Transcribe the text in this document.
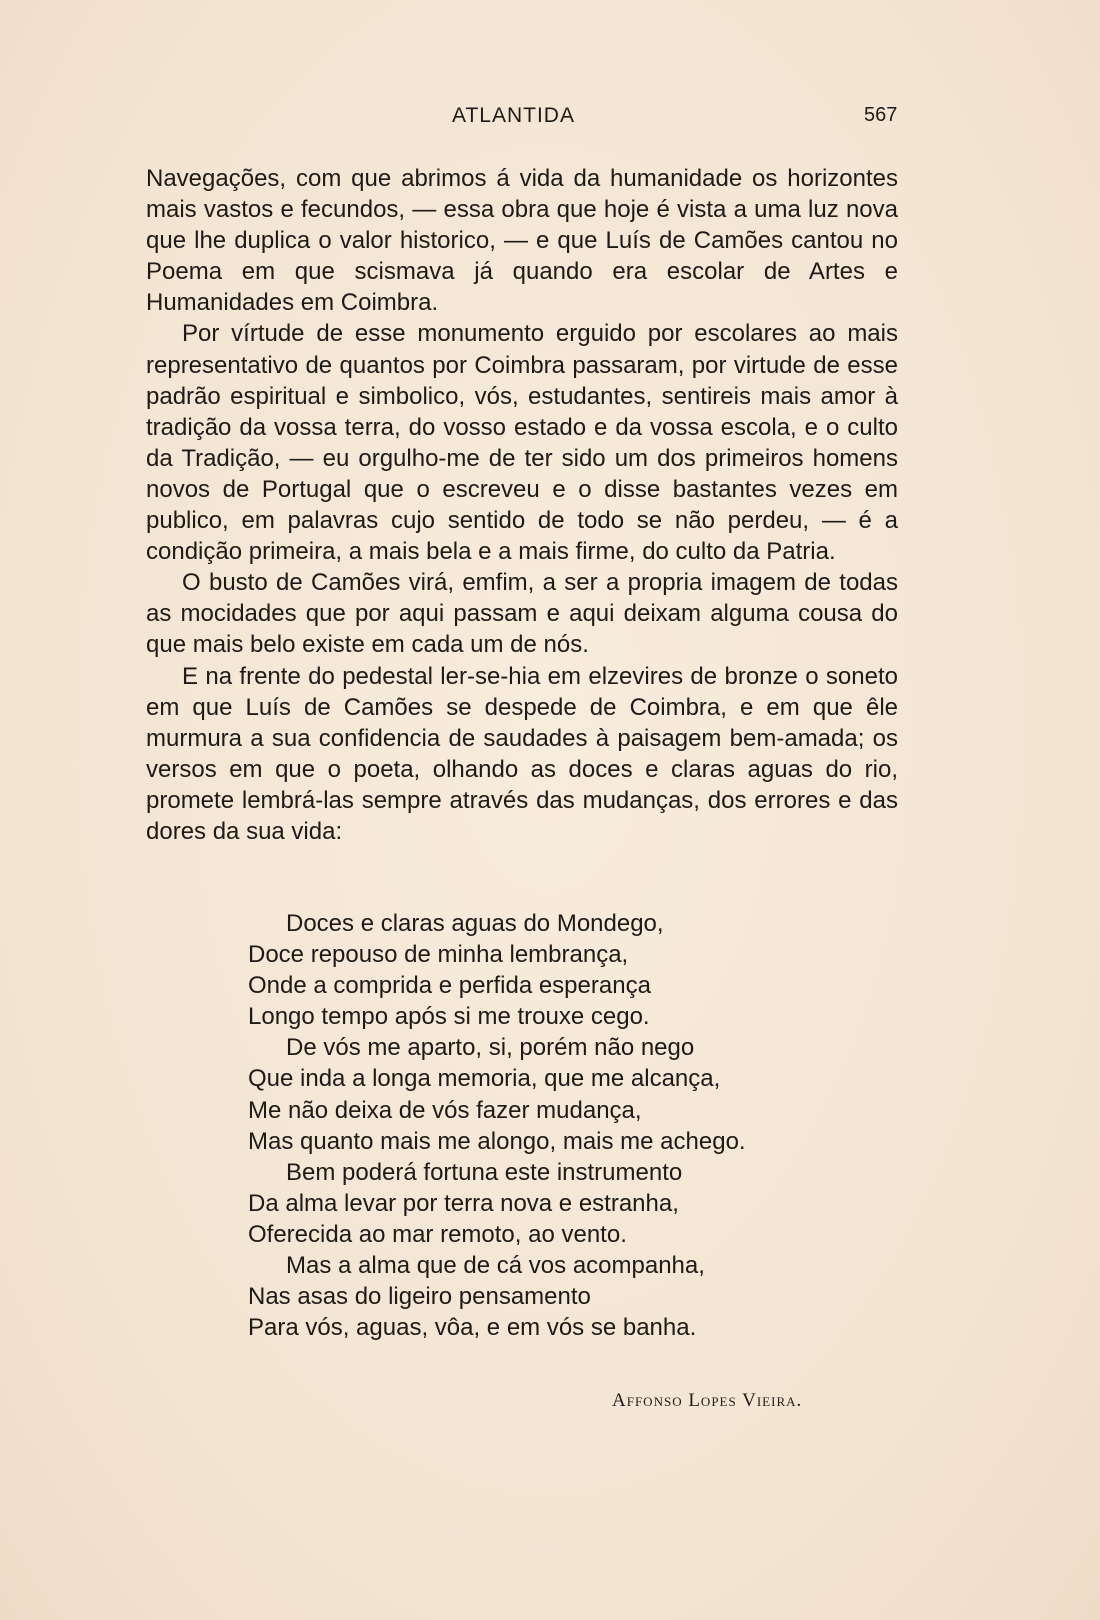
ATLANTIDA	567

Navegações, com que abrimos á vida da humanidade os horizontes mais vastos e fecundos, — essa obra que hoje é vista a uma luz nova que lhe duplica o valor historico, — e que Luís de Camões cantou no Poema em que scismava já quando era escolar de Artes e Humanidades em Coimbra.

Por vírtude de esse monumento erguido por escolares ao mais representativo de quantos por Coimbra passaram, por virtude de esse padrão espiritual e simbolico, vós, estudantes, sentireis mais amor à tradição da vossa terra, do vosso estado e da vossa escola, e o culto da Tradição, — eu orgulho-me de ter sido um dos primeiros homens novos de Portugal que o escreveu e o disse bastantes vezes em publico, em palavras cujo sentido de todo se não perdeu, — é a condição primeira, a mais bela e a mais firme, do culto da Patria.

O busto de Camões virá, emfim, a ser a propria imagem de todas as mocidades que por aqui passam e aqui deixam alguma cousa do que mais belo existe em cada um de nós.

E na frente do pedestal ler-se-hia em elzevires de bronze o soneto em que Luís de Camões se despede de Coimbra, e em que êle murmura a sua confidencia de saudades à paisagem bem-amada; os versos em que o poeta, olhando as doces e claras aguas do rio, promete lembrá-las sempre através das mudanças, dos errores e das dores da sua vida:

Doces e claras aguas do Mondego,
Doce repouso de minha lembrança,
Onde a comprida e perfida esperança
Longo tempo após si me trouxe cego.
De vós me aparto, si, porém não nego
Que inda a longa memoria, que me alcança,
Me não deixa de vós fazer mudança,
Mas quanto mais me alongo, mais me achego.
Bem poderá fortuna este instrumento
Da alma levar por terra nova e estranha,
Oferecida ao mar remoto, ao vento.
Mas a alma que de cá vos acompanha,
Nas asas do ligeiro pensamento
Para vós, aguas, vôa, e em vós se banha.
Affonso Lopes Vieira.
